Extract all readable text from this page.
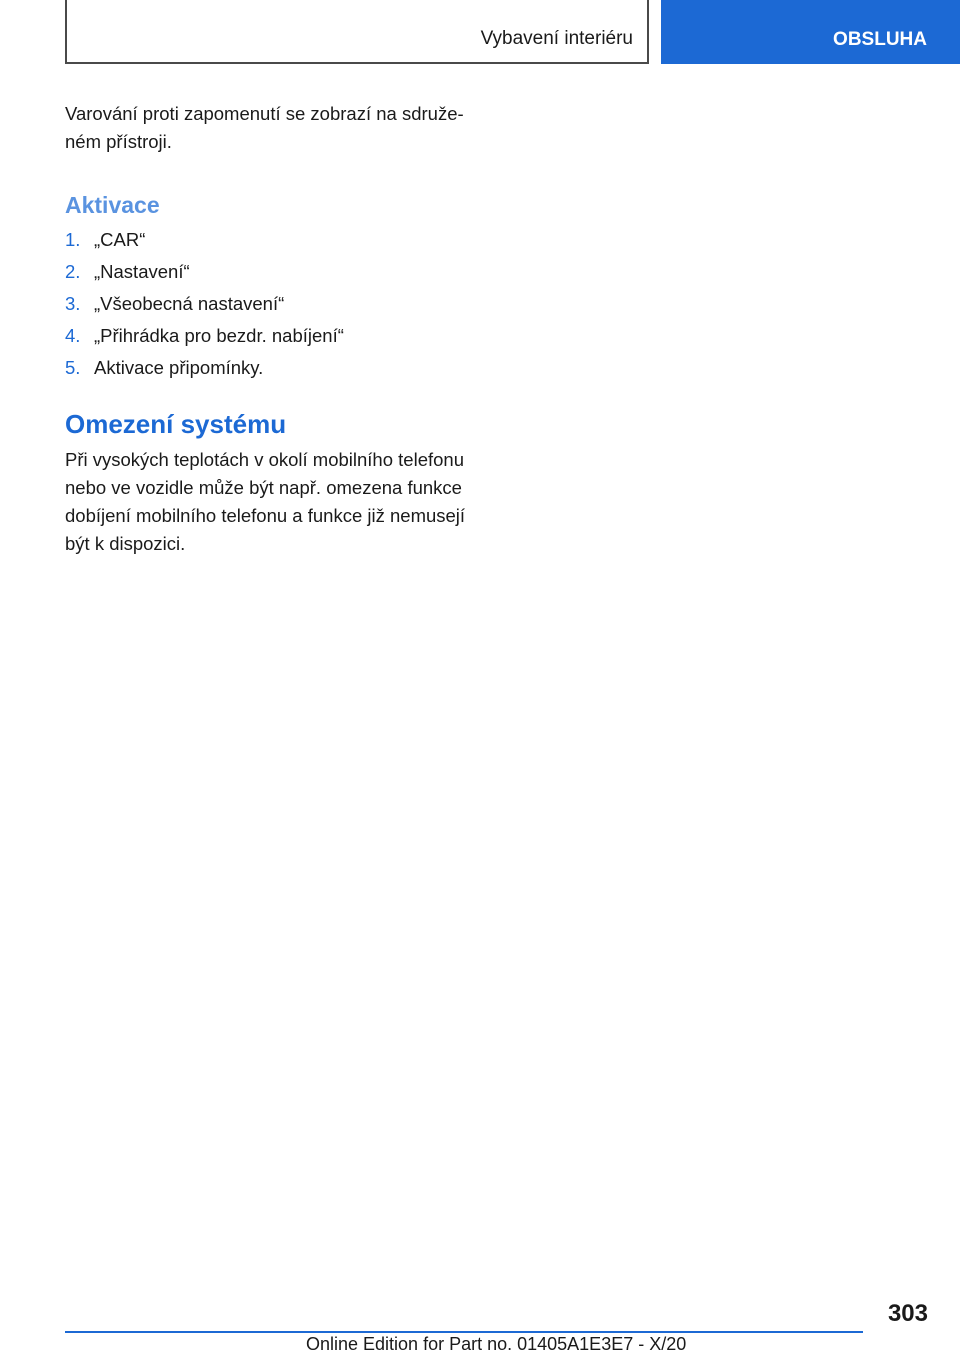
Vybavení interiéru	OBSLUHA

Varování proti zapomenutí se zobrazí na sdruže-ném přístroji.

Aktivace
1. „CAR“
2. „Nastavení“
3. „Všeobecná nastavení“
4. „Přihrádka pro bezdr. nabíjení“
5. Aktivace připomínky.
Omezení systému

Při vysokých teplotách v okolí mobilního telefonu nebo ve vozidle může být např. omezena funkce dobíjení mobilního telefonu a funkce již nemusejí být k dispozici.

303
Online Edition for Part no. 01405A1E3E7 - X/20
